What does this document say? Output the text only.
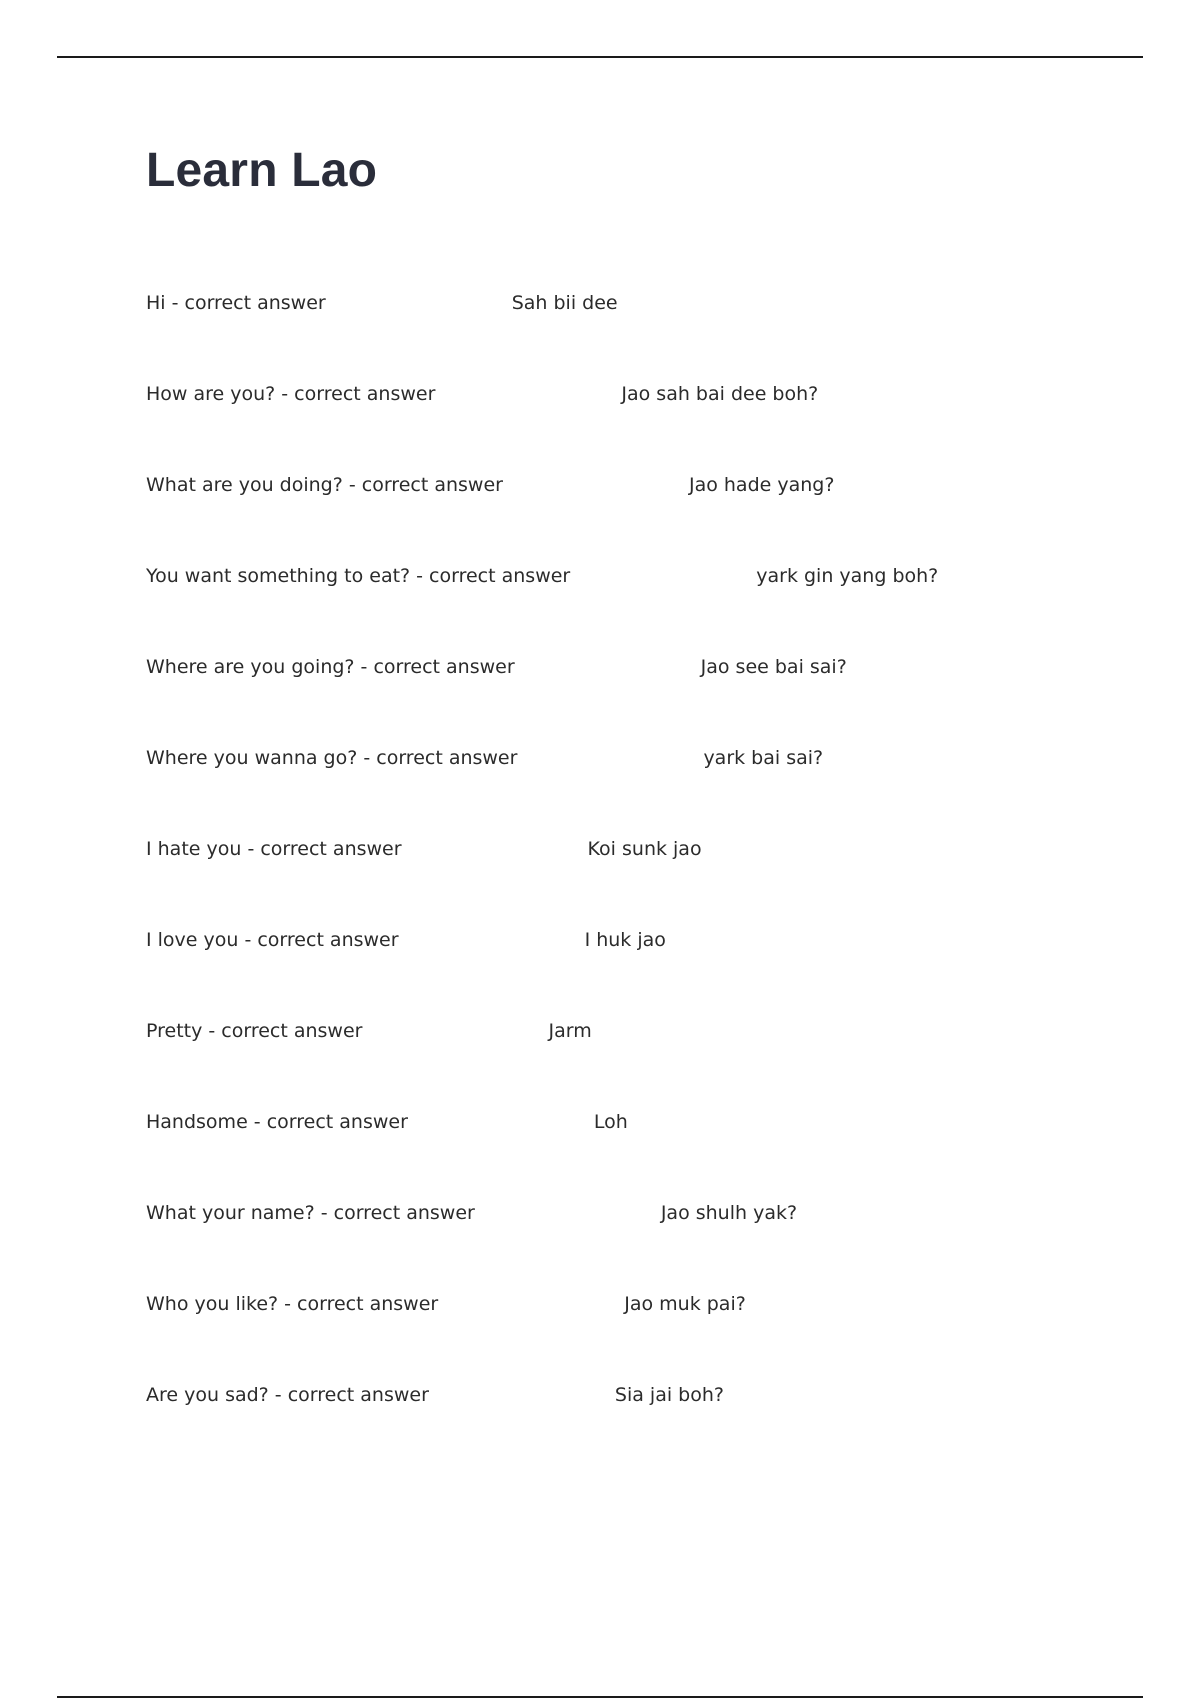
Learn Lao
Hi - correct answer	Sah bii dee
How are you? - correct answer	Jao sah bai dee boh?
What are you doing? - correct answer	Jao hade yang?
You want something to eat? - correct answer	yark gin yang boh?
Where are you going? - correct answer	Jao see bai sai?
Where you wanna go? - correct answer	yark bai sai?
I hate you - correct answer	Koi sunk jao
I love you - correct answer	I huk jao
Pretty - correct answer	Jarm
Handsome - correct answer	Loh
What your name? - correct answer	Jao shulh yak?
Who you like? - correct answer	Jao muk pai?
Are you sad? - correct answer	Sia jai boh?
